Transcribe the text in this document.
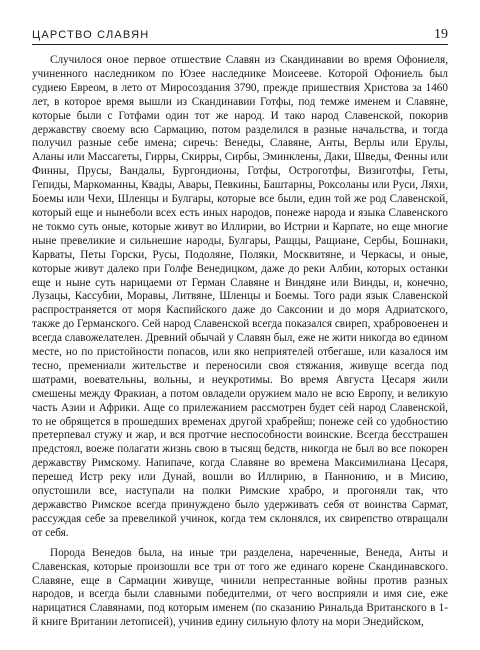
ЦАРСТВО СЛАВЯН	19

Случилося оное первое отшествие Славян из Скандинавии во время Офониеля, учиненного наследником по Юзее наследнике Моисееве. Которой Офониель был судиею Евреом, в лето от Миросоздания 3790, прежде пришествия Христова за 1460 лет, в которое время вышли из Скандинавии Готфы, под темже именем и Славяне, которые были с Готфами один тот же народ. И тако народ Славенской, покорив державству своему всю Сармацию, потом разделился в разные начальства, и тогда получил разные себе имена; сиречь: Венеды, Славяне, Анты, Верлы или Ерулы, Аланы или Массагеты, Гирры, Скирры, Сирбы, Эминклены, Даки, Шведы, Фенны или Финны, Прусы, Вандалы, Бургондионы, Готфы, Остроготфы, Визиготфы, Геты, Гепиды, Маркоманны, Квады, Авары, Певкины, Баштарны, Роксоланы или Руси, Ляхи, Боемы или Чехи, Шленцы и Булгары, которые все были, един той же род Славенской, который еще и нынеболи всех есть иных народов, понеже народа и языка Славенского не токмо суть оные, которые живут во Иллирии, во Истрии и Карпате, но еще многие ныне превеликие и сильнешие народы, Булгары, Ращцы, Ращиане, Сербы, Бошнаки, Карваты, Петы Горски, Русы, Подоляне, Поляки, Москвитяне, и Черкасы, и оные, которые живут далеко при Голфе Венедицком, даже до реки Албии, которых останки еще и ныне суть нарицаеми от Герман Славяне и Виндяне или Винды, и, конечно, Лузацы, Кассубии, Моравы, Литвяне, Шленцы и Боемы. Того ради язык Славенской распространяется от моря Каспийского даже до Саксонии и до моря Адриатского, также до Германского. Сей народ Славенской всегда показался свиреп, храбровоенен и всегда славожелателен. Древний обычай у Славян был, еже не жити никогда во едином месте, но по пристойности попасов, или яко неприятелей отбегаше, или казалося им тесно, премениали жительстве и переносили своя стяжания, живуще всегда под шатрами, воевательны, вольны, и неукротимы. Во время Августа Цесаря жили смешены между Фракиан, а потом овладели оружием мало не всю Европу, и великую часть Азии и Африки. Аще со прилежанием рассмотрен будет сей народ Славенской, то не обрящется в прошедших временах другой храбрейш; понеже сей со удобностию претерпевал стужу и жар, и вся протчие неспособности воинские. Всегда бесстрашен предстоял, воеже полагати жизнь свою в тысящ бедств, никогда не был во все покорен державству Римскому. Напипаче, когда Славяне во времена Максимилиана Цесаря, перешед Истр реку или Дунай, вошли во Иллирию, в Паннонию, и в Мисию, опустошили все, наступали на полки Римские храбро, и прогоняли так, что державство Римское всегда принуждено было удерживать себя от воинства Сармат, рассуждая себе за превеликой учинок, когда тем склонялся, их свирепство отвращали от себя.

Порода Венедов была, на иные три разделена, нареченные, Венеда, Анты и Славенская, которые произошли все три от того же единаго корене Скандинавского. Славяне, еще в Сармации живуще, чинили непрестанные войны против разных народов, и всегда были славными победителми, от чего восприяли и имя сие, еже нарицатися Славянами, под которым именем (по сказанию Ринальда Вританского в 1-й книге Вритании летописей), учинив едину сильную флоту на мори Энедийском,
